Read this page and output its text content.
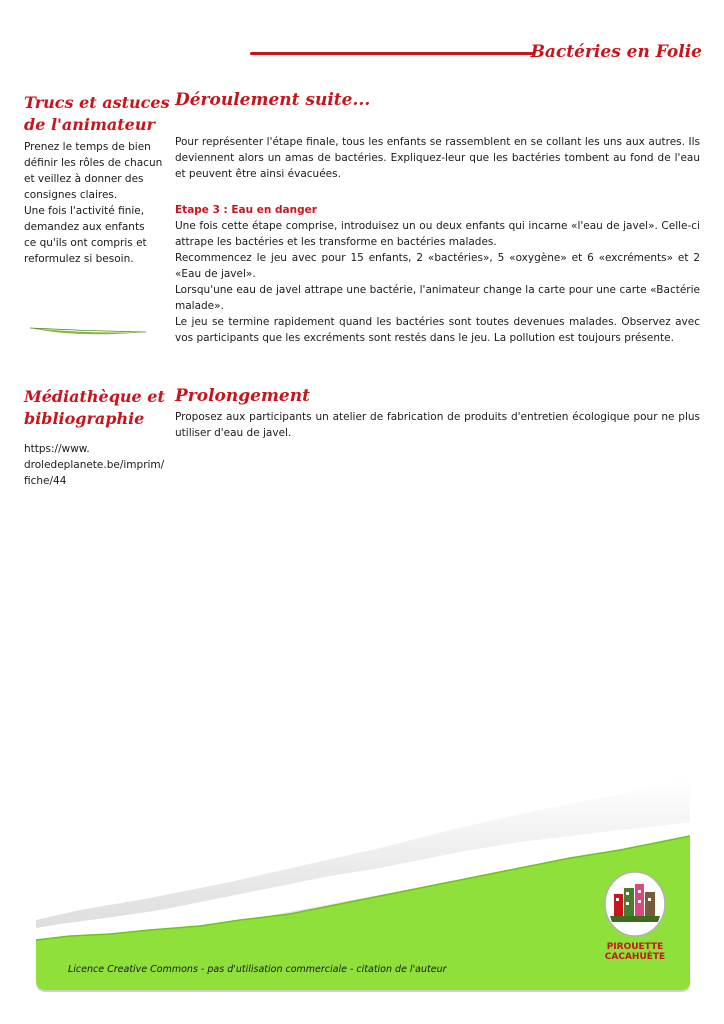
Bactéries en Folie
Trucs et astuces
de l'animateur

Prenez le temps de bien

définir les rôles de chacun

et veillez à donner des

consignes claires.

Une fois l'activité finie,

demandez aux enfants

ce qu'ils ont compris et

reformulez si besoin.

Médiathèque et
bibliographie

https://www.

droledeplanete.be/imprim/

fiche/44

Déroulement suite...

Pour représenter l'étape finale, tous les enfants se rassemblent en se collant les uns aux autres. Ils deviennent alors un amas de bactéries. Expliquez-leur que les bactéries tombent au fond de l'eau et peuvent être ainsi évacuées.

Etape 3 : Eau en danger

Une fois cette étape comprise, introduisez un ou deux enfants qui incarne «l'eau de javel». Celle-ci attrape les bactéries et les transforme en bactéries malades.

Recommencez le jeu avec pour 15 enfants, 2 «bactéries», 5 «oxygène» et 6 «excréments» et 2 «Eau de javel».

Lorsqu'une eau de javel attrape une bactérie, l'animateur change la carte pour une carte «Bactérie malade».

Le jeu se termine rapidement quand les bactéries sont toutes devenues malades. Observez avec vos participants que les excréments sont restés dans le jeu. La pollution est toujours présente.

Prolongement

Proposez aux participants un atelier de fabrication de produits d'entretien écologique pour ne plus utiliser d'eau de javel.

Licence Creative Commons - pas d'utilisation commerciale - citation de l'auteur
PIROUETTE
CACAHUÈTE
